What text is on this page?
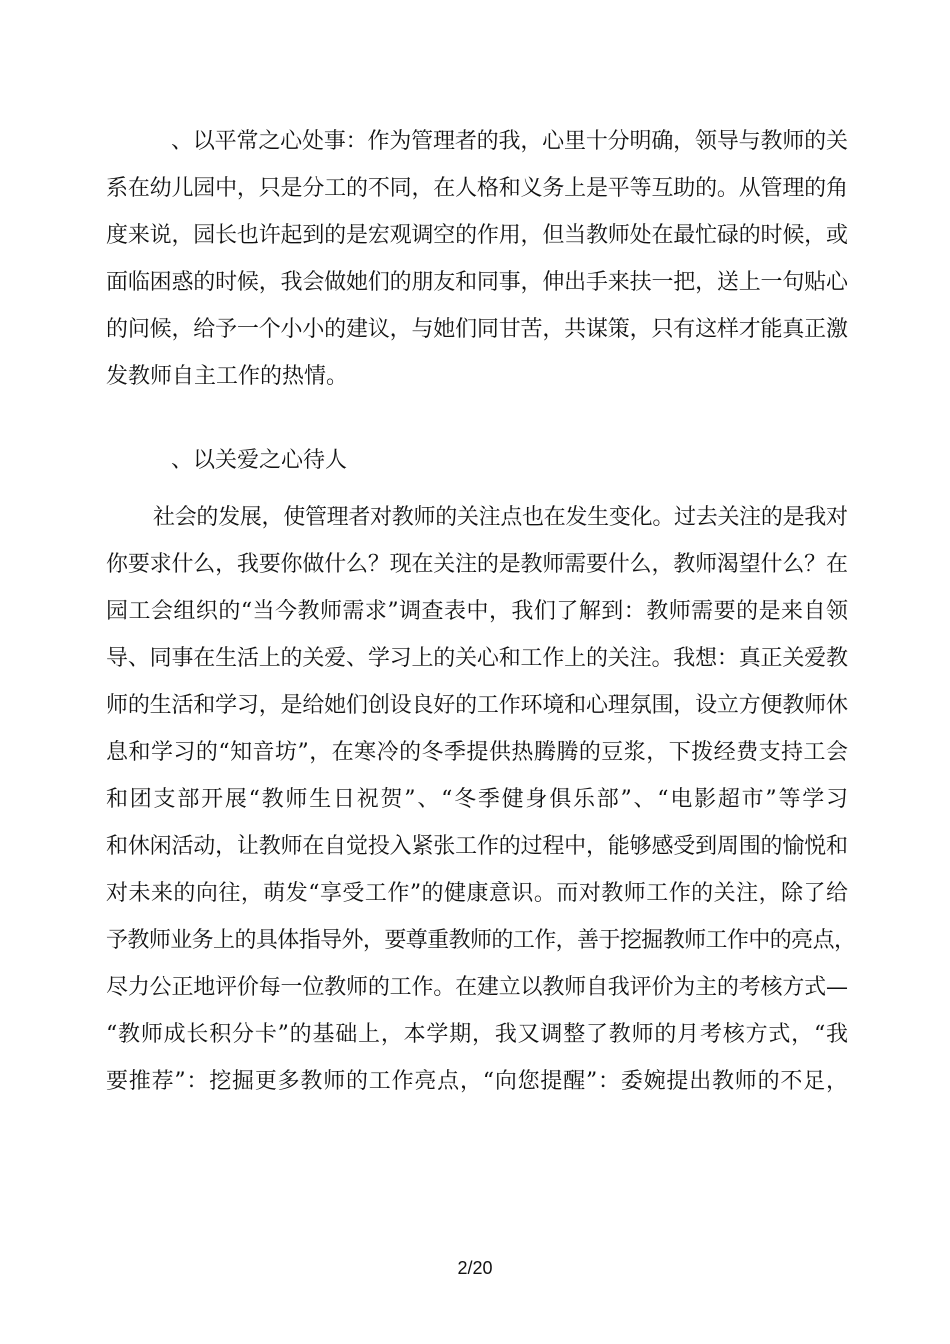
、以平常之心处事：作为管理者的我，心里十分明确，领导与教师的关
系在幼儿园中，只是分工的不同，在人格和义务上是平等互助的。从管理的角
度来说，园长也许起到的是宏观调空的作用，但当教师处在最忙碌的时候，或
面临困惑的时候，我会做她们的朋友和同事，伸出手来扶一把，送上一句贴心
的问候，给予一个小小的建议，与她们同甘苦，共谋策，只有这样才能真正激
发教师自主工作的热情。
、以关爱之心待人
社会的发展，使管理者对教师的关注点也在发生变化。过去关注的是我对
你要求什么，我要你做什么？现在关注的是教师需要什么，教师渴望什么？在
园工会组织的“当今教师需求”调查表中，我们了解到：教师需要的是来自领
导、同事在生活上的关爱、学习上的关心和工作上的关注。我想：真正关爱教
师的生活和学习，是给她们创设良好的工作环境和心理氛围，设立方便教师休
息和学习的“知音坊”，在寒冷的冬季提供热腾腾的豆浆，下拨经费支持工会
和团支部开展“教师生日祝贺”、“冬季健身俱乐部”、“电影超市”等学习
和休闲活动，让教师在自觉投入紧张工作的过程中，能够感受到周围的愉悦和
对未来的向往，萌发“享受工作”的健康意识。而对教师工作的关注，除了给
予教师业务上的具体指导外，要尊重教师的工作，善于挖掘教师工作中的亮点，
尽力公正地评价每一位教师的工作。在建立以教师自我评价为主的考核方式—
“教师成长积分卡”的基础上，本学期，我又调整了教师的月考核方式，“我
要推荐”：挖掘更多教师的工作亮点，“向您提醒”：委婉提出教师的不足，
2/20
